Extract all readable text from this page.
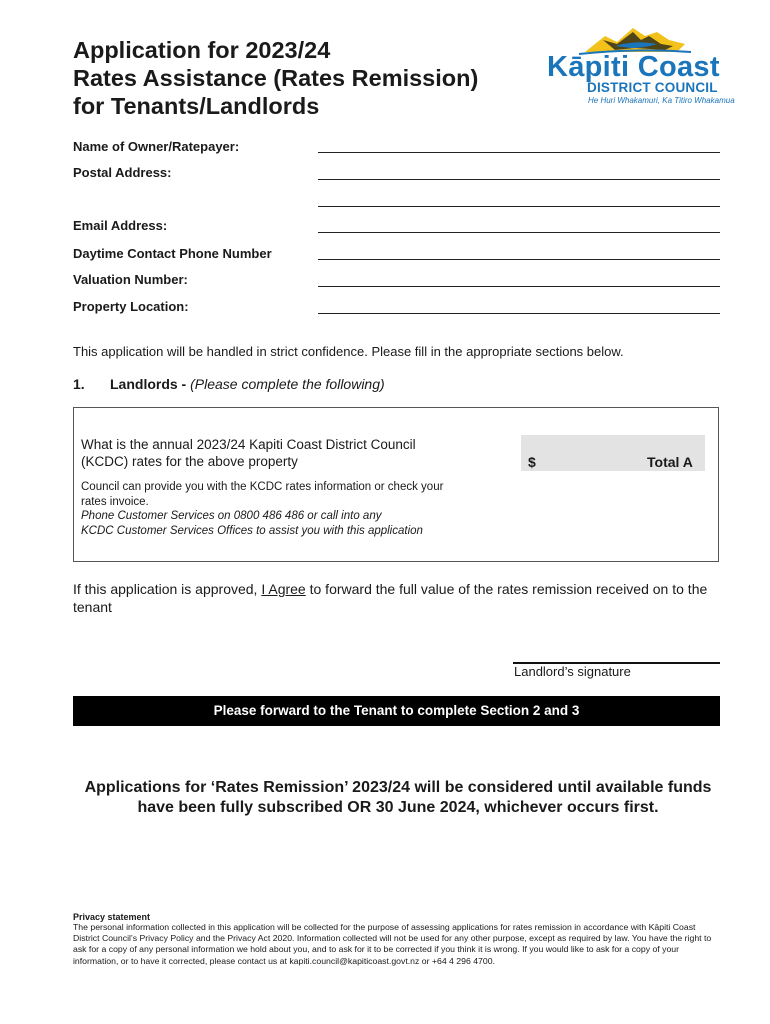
Application for 2023/24
Rates Assistance (Rates Remission)
for Tenants/Landlords
Kāpiti Coast
DISTRICT COUNCIL
He Huri Whakamuri, Ka Titiro Whakamua
Name of Owner/Ratepayer:
Postal Address:
Email Address:
Daytime Contact Phone Number
Valuation Number:
Property Location:
This application will be handled in strict confidence. Please fill in the appropriate sections below.
1. Landlords - (Please complete the following)
What is the annual 2023/24 Kapiti Coast District Council
(KCDC) rates for the above property	$	Total A
Council can provide you with the KCDC rates information or check your
rates invoice.
Phone Customer Services on 0800 486 486 or call into any
KCDC Customer Services Offices to assist you with this application
If this application is approved, I Agree to forward the full value of the rates remission received on to the tenant
Landlord’s signature
Please forward to the Tenant to complete Section 2 and 3
Applications for ‘Rates Remission’ 2023/24 will be considered until available funds have been fully subscribed OR 30 June 2024, whichever occurs first.
Privacy statement
The personal information collected in this application will be collected for the purpose of assessing applications for rates remission in accordance with Kāpiti Coast District Council’s Privacy Policy and the Privacy Act 2020. Information collected will not be used for any other purpose, except as required by law. You have the right to ask for a copy of any personal information we hold about you, and to ask for it to be corrected if you think it is wrong. If you would like to ask for a copy of your information, or to have it corrected, please contact us at kapiti.council@kapiticoast.govt.nz or +64 4 296 4700.
